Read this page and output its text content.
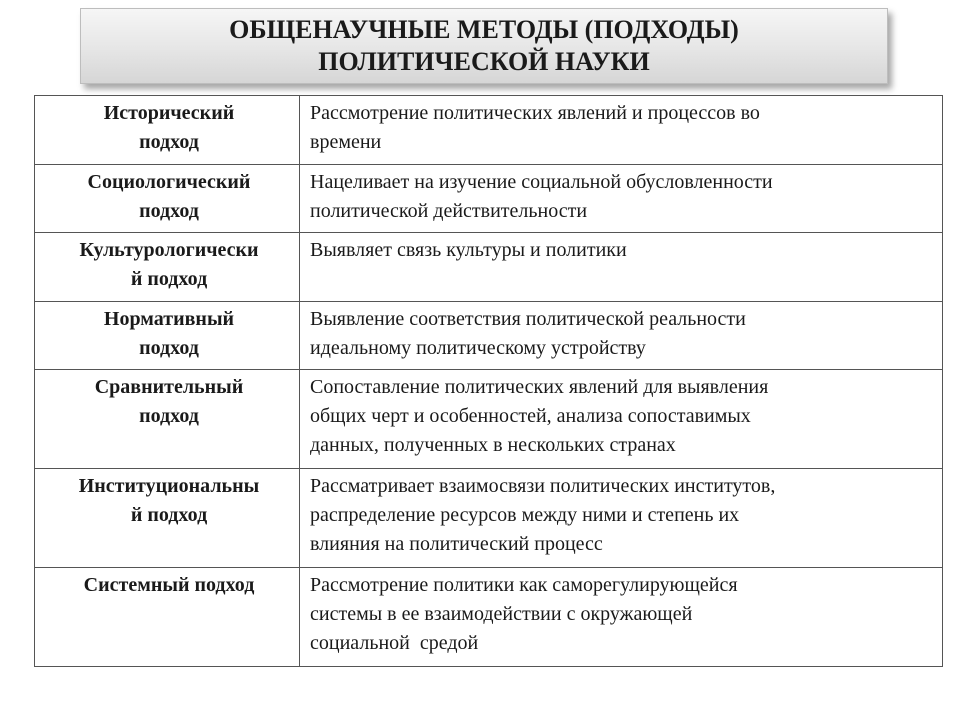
ОБЩЕНАУЧНЫЕ МЕТОДЫ (ПОДХОДЫ)
ПОЛИТИЧЕСКОЙ НАУКИ
Исторический
подход	Рассмотрение политических явлений и процессов во
времени

Социологический
подход	Нацеливает на изучение социальной обусловленности
политической действительности

Культурологически
й подход	Выявляет связь культуры и политики

Нормативный
подход	Выявление соответствия политической реальности
идеальному политическому устройству

Сравнительный
подход	Сопоставление политических явлений для выявления
общих черт и особенностей, анализа сопоставимых
данных, полученных в нескольких странах

Институциональны
й подход	Рассматривает взаимосвязи политических институтов,
распределение ресурсов между ними и степень их
влияния на политический процесс

Системный подход	Рассмотрение политики как саморегулирующейся
системы в ее взаимодействии с окружающей
социальной  средой
